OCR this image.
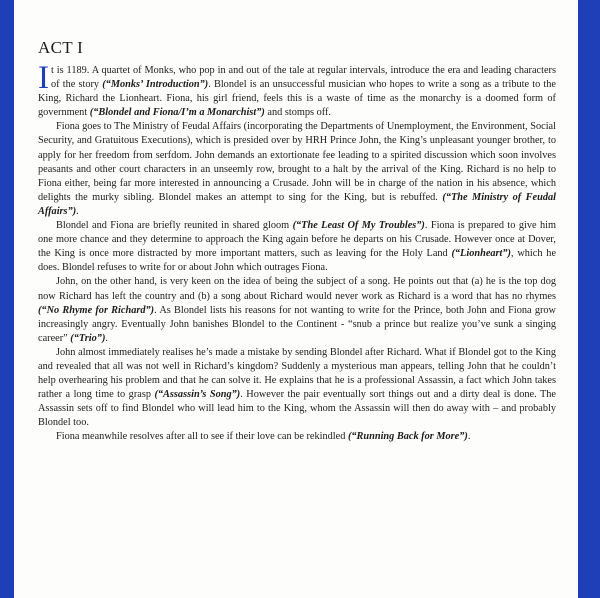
ACT I

It is 1189. A quartet of Monks, who pop in and out of the tale at regular intervals, introduce the era and leading characters of the story (“Monks’ Introduction”). Blondel is an unsuccessful musician who hopes to write a song as a tribute to the King, Richard the Lionheart. Fiona, his girl friend, feels this is a waste of time as the monarchy is a doomed form of government (“Blondel and Fiona/I’m a Monarchist”) and stomps off.

Fiona goes to The Ministry of Feudal Affairs (incorporating the Departments of Unemployment, the Environment, Social Security, and Gratuitous Executions), which is presided over by HRH Prince John, the King’s unpleasant younger brother, to apply for her freedom from serfdom. John demands an extortionate fee leading to a spirited discussion which soon involves peasants and other court characters in an unseemly row, brought to a halt by the arrival of the King. Richard is no help to Fiona either, being far more interested in announcing a Crusade. John will be in charge of the nation in his absence, which delights the murky sibling. Blondel makes an attempt to sing for the King, but is rebuffed. (“The Ministry of Feudal Affairs”).

Blondel and Fiona are briefly reunited in shared gloom (“The Least Of My Troubles”). Fiona is prepared to give him one more chance and they determine to approach the King again before he departs on his Crusade. However once at Dover, the King is once more distracted by more important matters, such as leaving for the Holy Land (“Lionheart”), which he does. Blondel refuses to write for or about John which outrages Fiona.

John, on the other hand, is very keen on the idea of being the subject of a song. He points out that (a) he is the top dog now Richard has left the country and (b) a song about Richard would never work as Richard is a word that has no rhymes (“No Rhyme for Richard”). As Blondel lists his reasons for not wanting to write for the Prince, both John and Fiona grow increasingly angry. Eventually John banishes Blondel to the Continent - “snub a prince but realize you’ve sunk a singing career” (“Trio”).

John almost immediately realises he’s made a mistake by sending Blondel after Richard. What if Blondel got to the King and revealed that all was not well in Richard’s kingdom? Suddenly a mysterious man appears, telling John that he couldn’t help overhearing his problem and that he can solve it. He explains that he is a professional Assassin, a fact which John takes rather a long time to grasp (“Assassin’s Song”). However the pair eventually sort things out and a dirty deal is done. The Assassin sets off to find Blondel who will lead him to the King, whom the Assassin will then do away with – and probably Blondel too.

Fiona meanwhile resolves after all to see if their love can be rekindled (“Running Back for More”).
